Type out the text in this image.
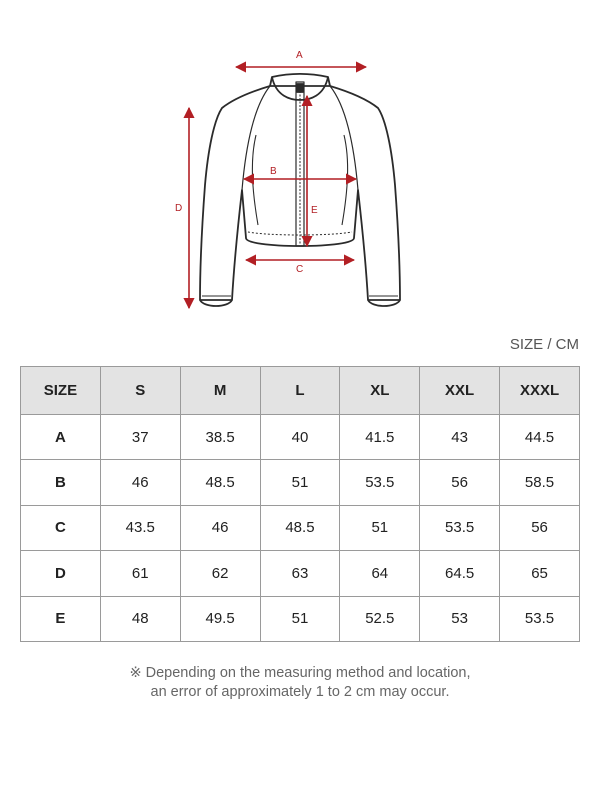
A
B
C
D	E
SIZE / CM
SIZE	S	M	L	XL	XXL	XXXL
A	37	38.5	40	41.5	43	44.5
B	46	48.5	51	53.5	56	58.5
C	43.5	46	48.5	51	53.5	56
D	61	62	63	64	64.5	65
E	48	49.5	51	52.5	53	53.5
※ Depending on the measuring method and location,
an error of approximately 1 to 2 cm may occur.
